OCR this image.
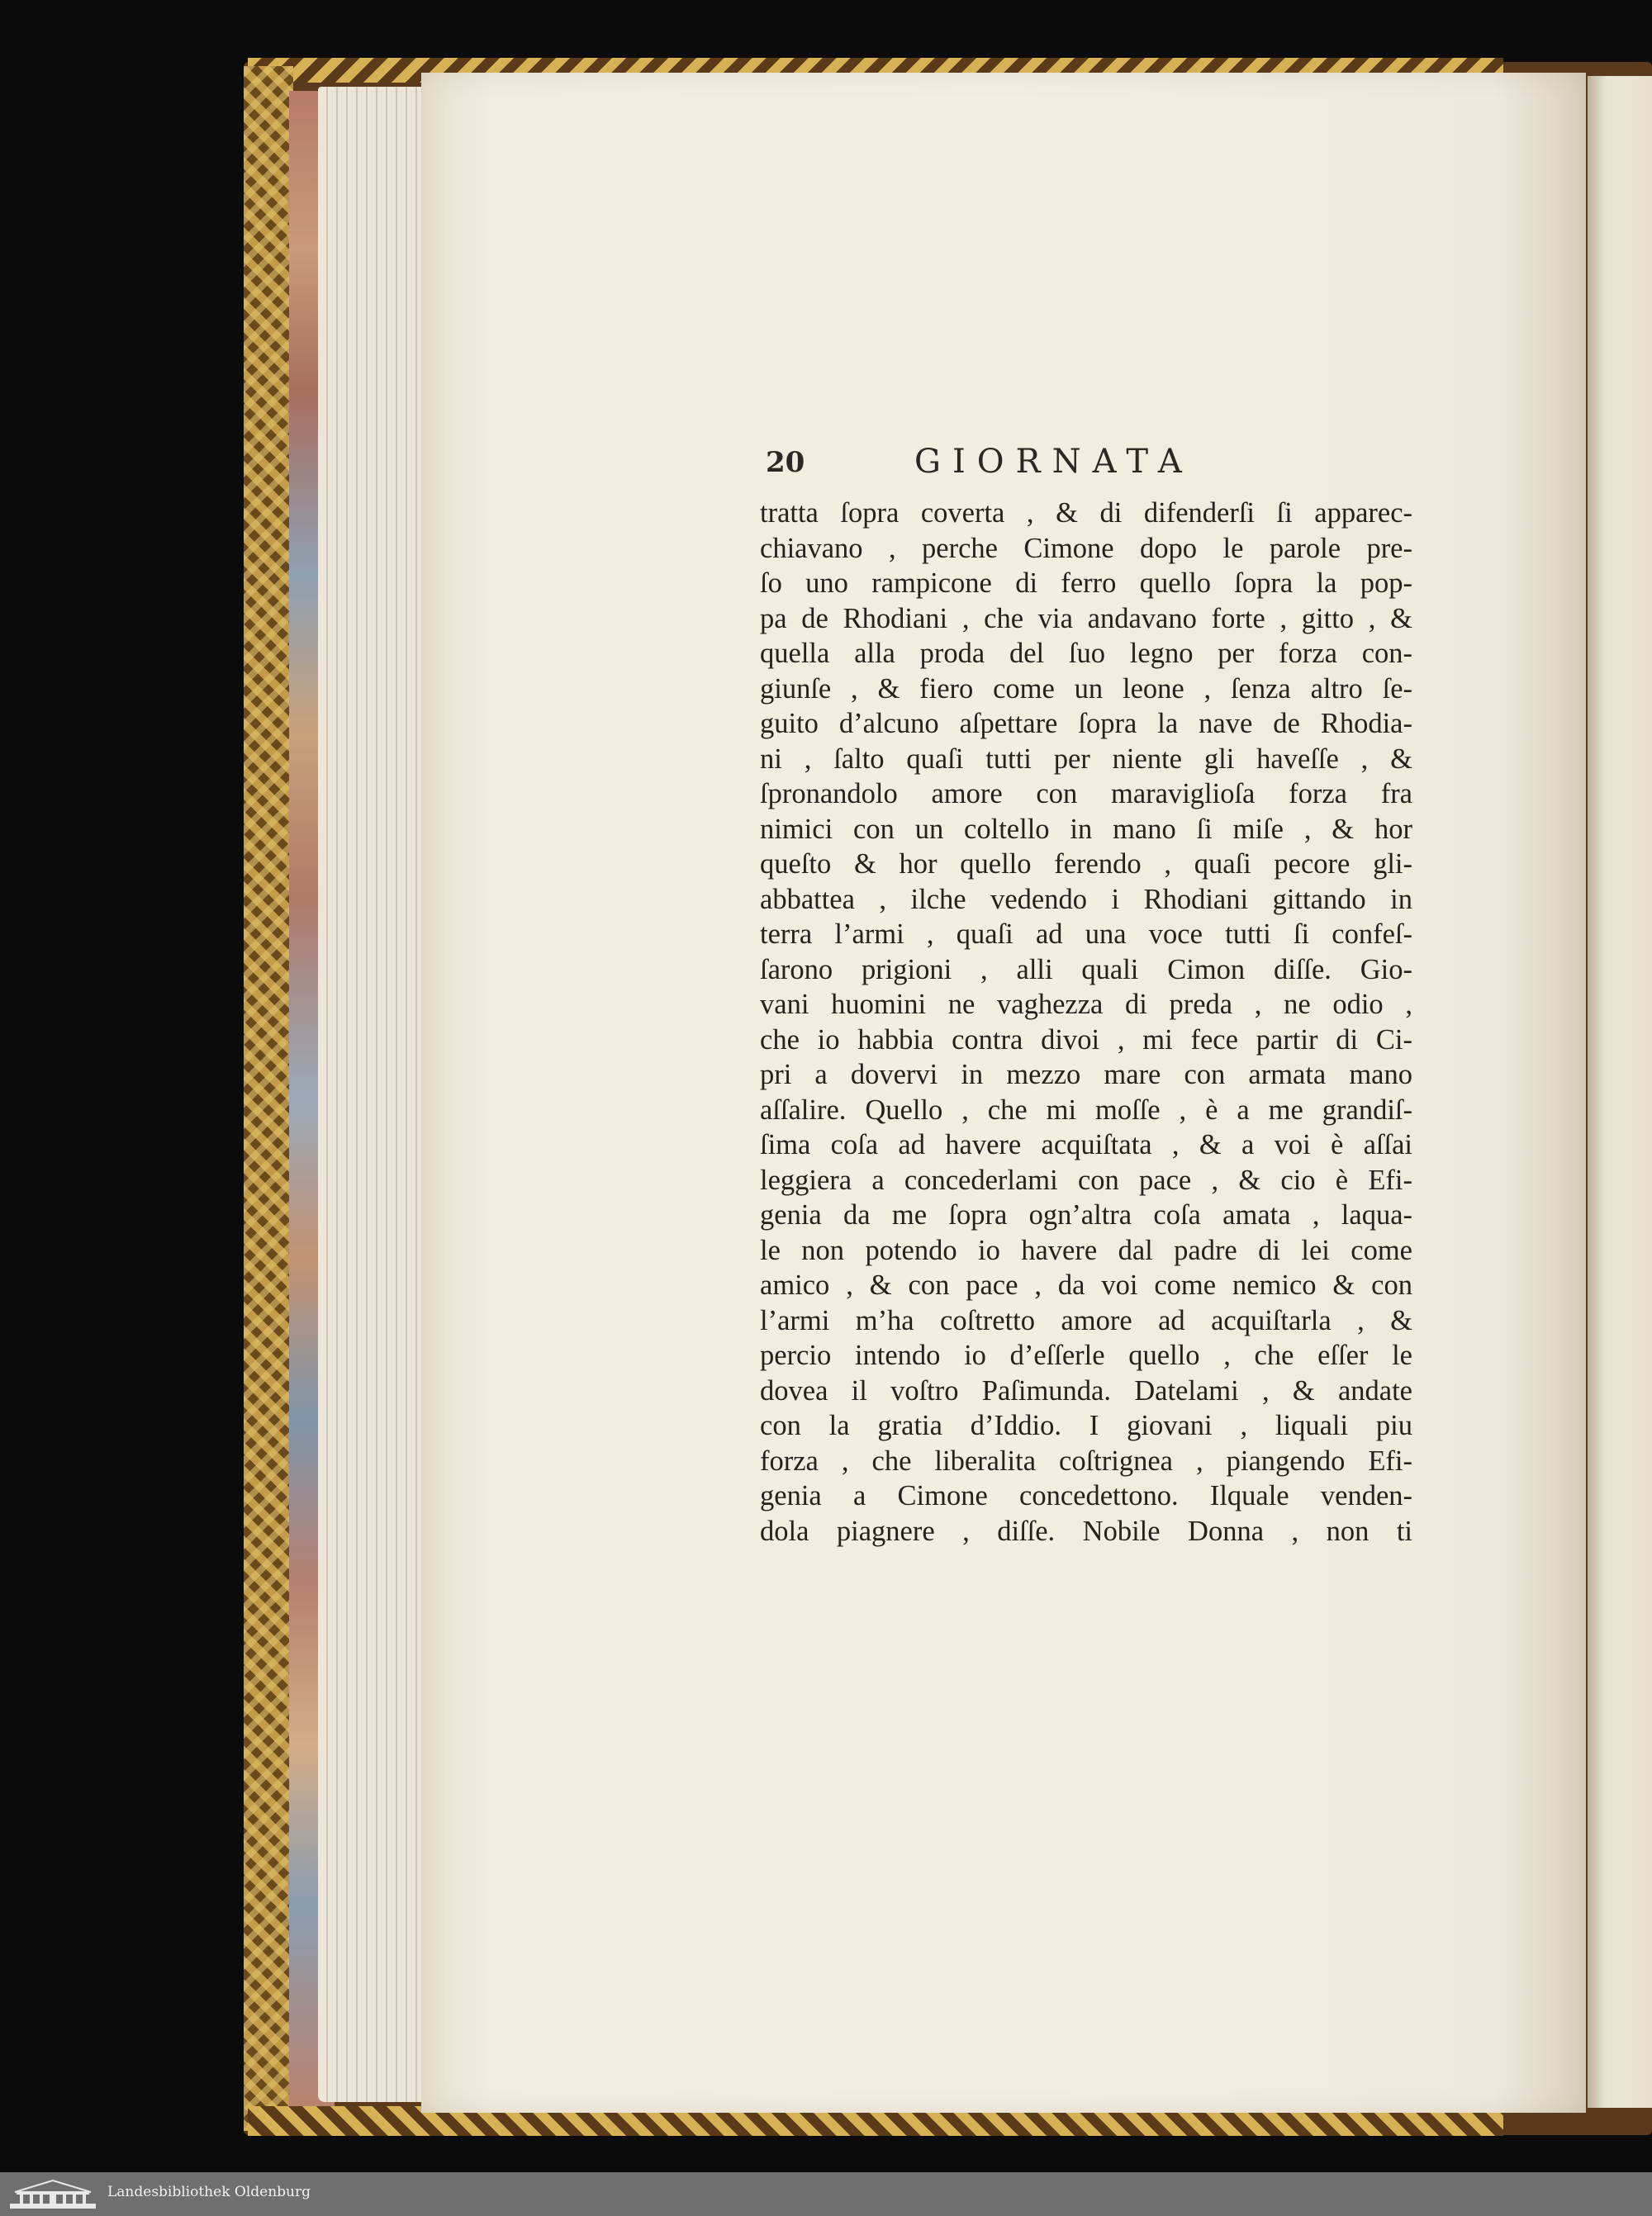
20	GIORNATA
tratta ſopra coverta , & di difenderſi ſi apparec-
chiavano , perche Cimone dopo le parole pre-
ſo uno rampicone di ferro quello ſopra la pop-
pa de Rhodiani , che via andavano forte , gitto , &
quella alla proda del ſuo legno per forza con-
giunſe , & fiero come un leone , ſenza altro ſe-
guito d’alcuno aſpettare ſopra la nave de Rhodia-
ni , ſalto quaſi tutti per niente gli haveſſe , &
ſpronandolo amore con maraviglioſa forza fra
nimici con un coltello in mano ſi miſe , & hor
queſto & hor quello ferendo , quaſi pecore gli-
abbattea , ilche vedendo i Rhodiani gittando in
terra l’armi , quaſi ad una voce tutti ſi confeſ-
ſarono prigioni , alli quali Cimon diſſe. Gio-
vani huomini ne vaghezza di preda , ne odio ,
che io habbia contra divoi , mi fece partir di Ci-
pri a dovervi in mezzo mare con armata mano
aſſalire. Quello , che mi moſſe , è a me grandiſ-
ſima coſa ad havere acquiſtata , & a voi è aſſai
leggiera a concederlami con pace , & cio è Efi-
genia da me ſopra ogn’altra coſa amata , laqua-
le non potendo io havere dal padre di lei come
amico , & con pace , da voi come nemico & con
l’armi m’ha coſtretto amore ad acquiſtarla , &
percio intendo io d’eſſerle quello , che eſſer le
dovea il voſtro Paſimunda. Datelami , & andate
con la gratia d’Iddio. I giovani , liquali piu
forza , che liberalita coſtrignea , piangendo Efi-
genia a Cimone concedettono. Ilquale venden-
dola piagnere , diſſe. Nobile Donna , non ti
Landesbibliothek Oldenburg
